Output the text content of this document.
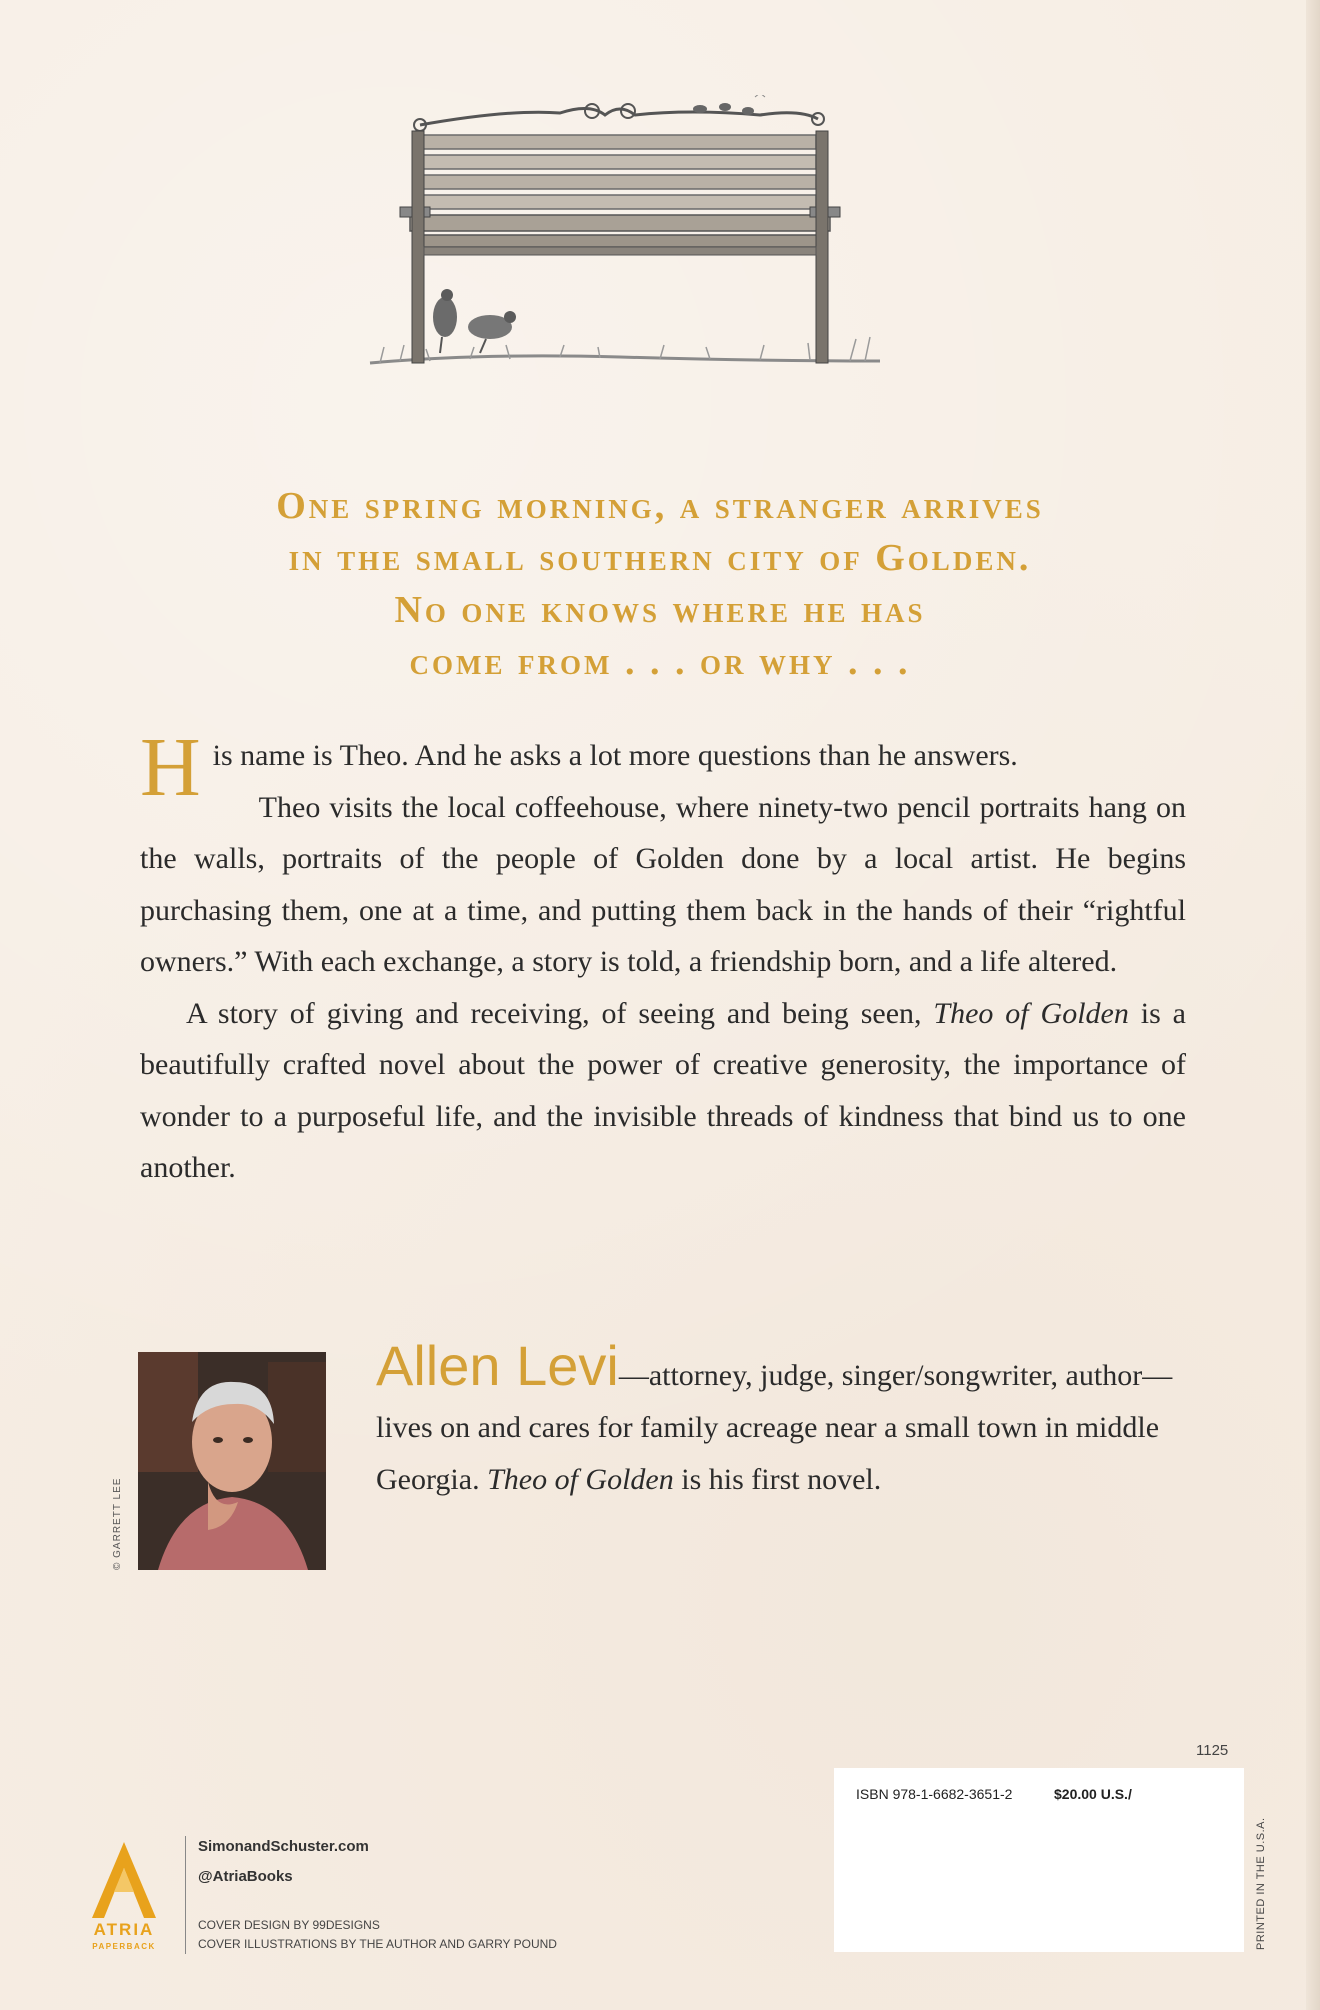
One spring morning, a stranger arrives
in the small southern city of Golden.
No one knows where he has
come from . . . or why . . .

His name is Theo. And he asks a lot more questions than he answers.

Theo visits the local coffeehouse, where ninety-two pencil portraits hang on the walls, portraits of the people of Golden done by a local artist. He begins purchasing them, one at a time, and putting them back in the hands of their “rightful owners.” With each exchange, a story is told, a friendship born, and a life altered.

A story of giving and receiving, of seeing and being seen, Theo of Golden is a beautifully crafted novel about the power of creative generosity, the importance of wonder to a purposeful life, and the invisible threads of kindness that bind us to one another.

© GARRETT LEE
Allen Levi—attorney, judge, singer/songwriter, author—lives on and cares for family acreage near a small town in middle Georgia. Theo of Golden is his first novel.
1125
ISBN 978-1-6682-3651-2	$20.00 U.S./
PRINTED IN THE U.S.A.
ATRIA
PAPERBACK
SimonandSchuster.com
@AtriaBooks
COVER DESIGN BY 99DESIGNS
COVER ILLUSTRATIONS BY THE AUTHOR AND GARRY POUND
